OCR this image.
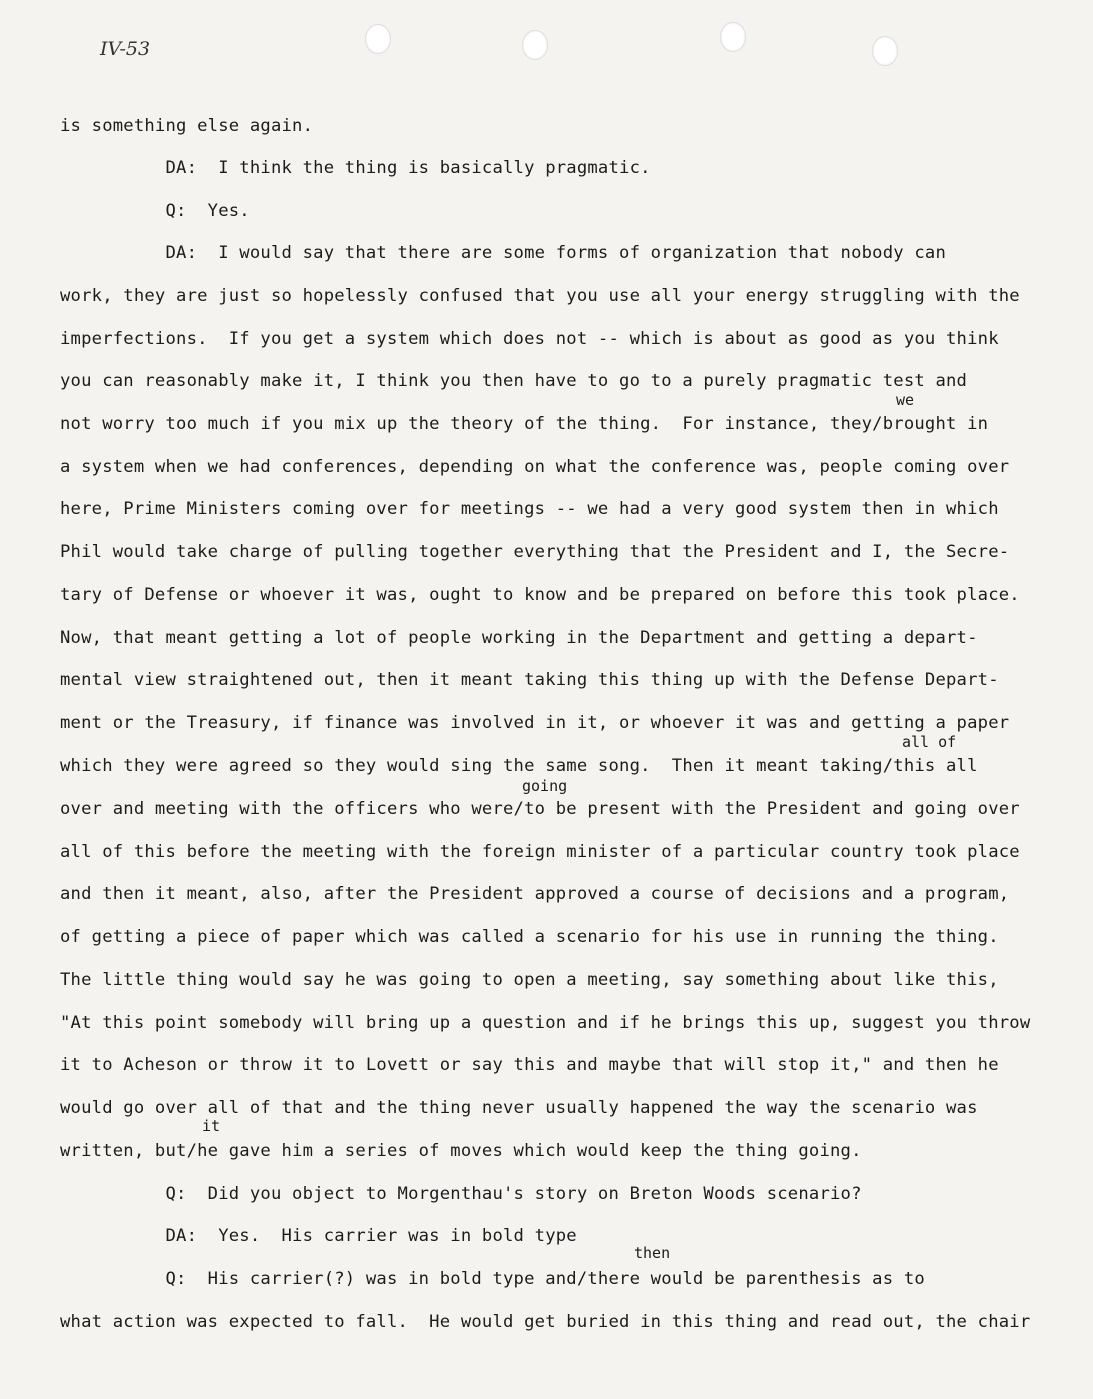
IV-53
is something else again.
DA:  I think the thing is basically pragmatic.
Q:  Yes.
DA:  I would say that there are some forms of organization that nobody can
work, they are just so hopelessly confused that you use all your energy struggling with the
imperfections.  If you get a system which does not -- which is about as good as you think
you can reasonably make it, I think you then have to go to a purely pragmatic test and
not worry too much if you mix up the theory of the thing.  For instance, they/brought in
a system when we had conferences, depending on what the conference was, people coming over
here, Prime Ministers coming over for meetings -- we had a very good system then in which
Phil would take charge of pulling together everything that the President and I, the Secre-
tary of Defense or whoever it was, ought to know and be prepared on before this took place.
Now, that meant getting a lot of people working in the Department and getting a depart-
mental view straightened out, then it meant taking this thing up with the Defense Depart-
ment or the Treasury, if finance was involved in it, or whoever it was and getting a paper
which they were agreed so they would sing the same song.  Then it meant taking/this all
over and meeting with the officers who were/to be present with the President and going over
all of this before the meeting with the foreign minister of a particular country took place
and then it meant, also, after the President approved a course of decisions and a program,
of getting a piece of paper which was called a scenario for his use in running the thing.
The little thing would say he was going to open a meeting, say something about like this,
"At this point somebody will bring up a question and if he brings this up, suggest you throw
it to Acheson or throw it to Lovett or say this and maybe that will stop it," and then he
would go over all of that and the thing never usually happened the way the scenario was
written, but/he gave him a series of moves which would keep the thing going.
Q:  Did you object to Morgenthau's story on Breton Woods scenario?
DA:  Yes.  His carrier was in bold type
Q:  His carrier(?) was in bold type and/there would be parenthesis as to
what action was expected to fall.  He would get buried in this thing and read out, the chair
we
all of
going
it
then
